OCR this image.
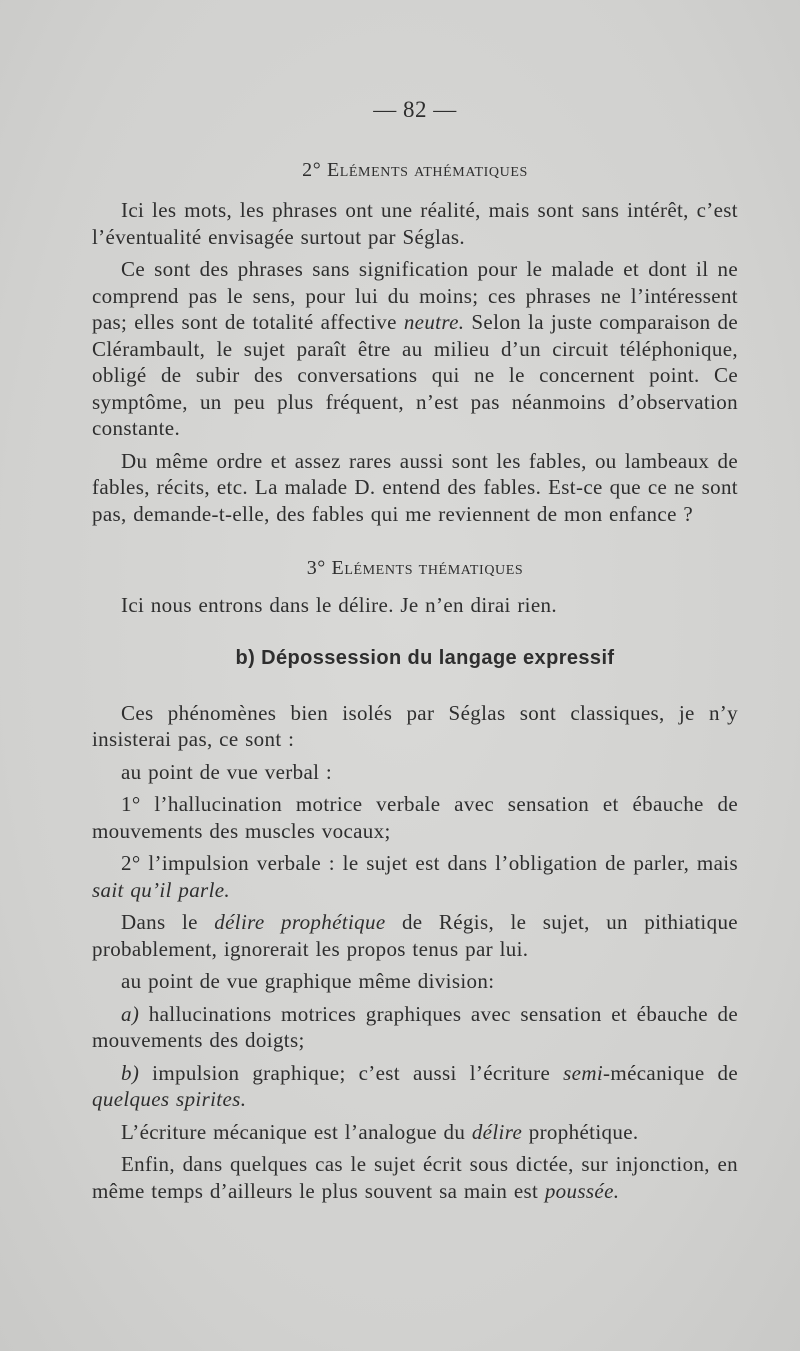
— 82 —
2° Eléments athématiques

Ici les mots, les phrases ont une réalité, mais sont sans intérêt, c’est l’éventualité envisagée surtout par Séglas.

Ce sont des phrases sans signification pour le malade et dont il ne comprend pas le sens, pour lui du moins; ces phrases ne l’intéressent pas; elles sont de totalité affective neutre. Selon la juste comparaison de Clérambault, le sujet paraît être au milieu d’un circuit téléphonique, obligé de subir des conversations qui ne le concernent point. Ce symptôme, un peu plus fréquent, n’est pas néanmoins d’observation constante.

Du même ordre et assez rares aussi sont les fables, ou lambeaux de fables, récits, etc. La malade D. entend des fables. Est-ce que ce ne sont pas, demande-t-elle, des fables qui me reviennent de mon enfance ?

3° Eléments thématiques

Ici nous entrons dans le délire. Je n’en dirai rien.

b) Dépossession du langage expressif

Ces phénomènes bien isolés par Séglas sont classiques, je n’y insisterai pas, ce sont :

au point de vue verbal :

1° l’hallucination motrice verbale avec sensation et ébauche de mouvements des muscles vocaux;

2° l’impulsion verbale : le sujet est dans l’obligation de parler, mais sait qu’il parle.

Dans le délire prophétique de Régis, le sujet, un pithiatique probablement, ignorerait les propos tenus par lui.

au point de vue graphique même division:

a) hallucinations motrices graphiques avec sensation et ébauche de mouvements des doigts;

b) impulsion graphique; c’est aussi l’écriture semi-mécanique de quelques spirites.

L’écriture mécanique est l’analogue du délire prophétique.

Enfin, dans quelques cas le sujet écrit sous dictée, sur injonction, en même temps d’ailleurs le plus souvent sa main est poussée.
